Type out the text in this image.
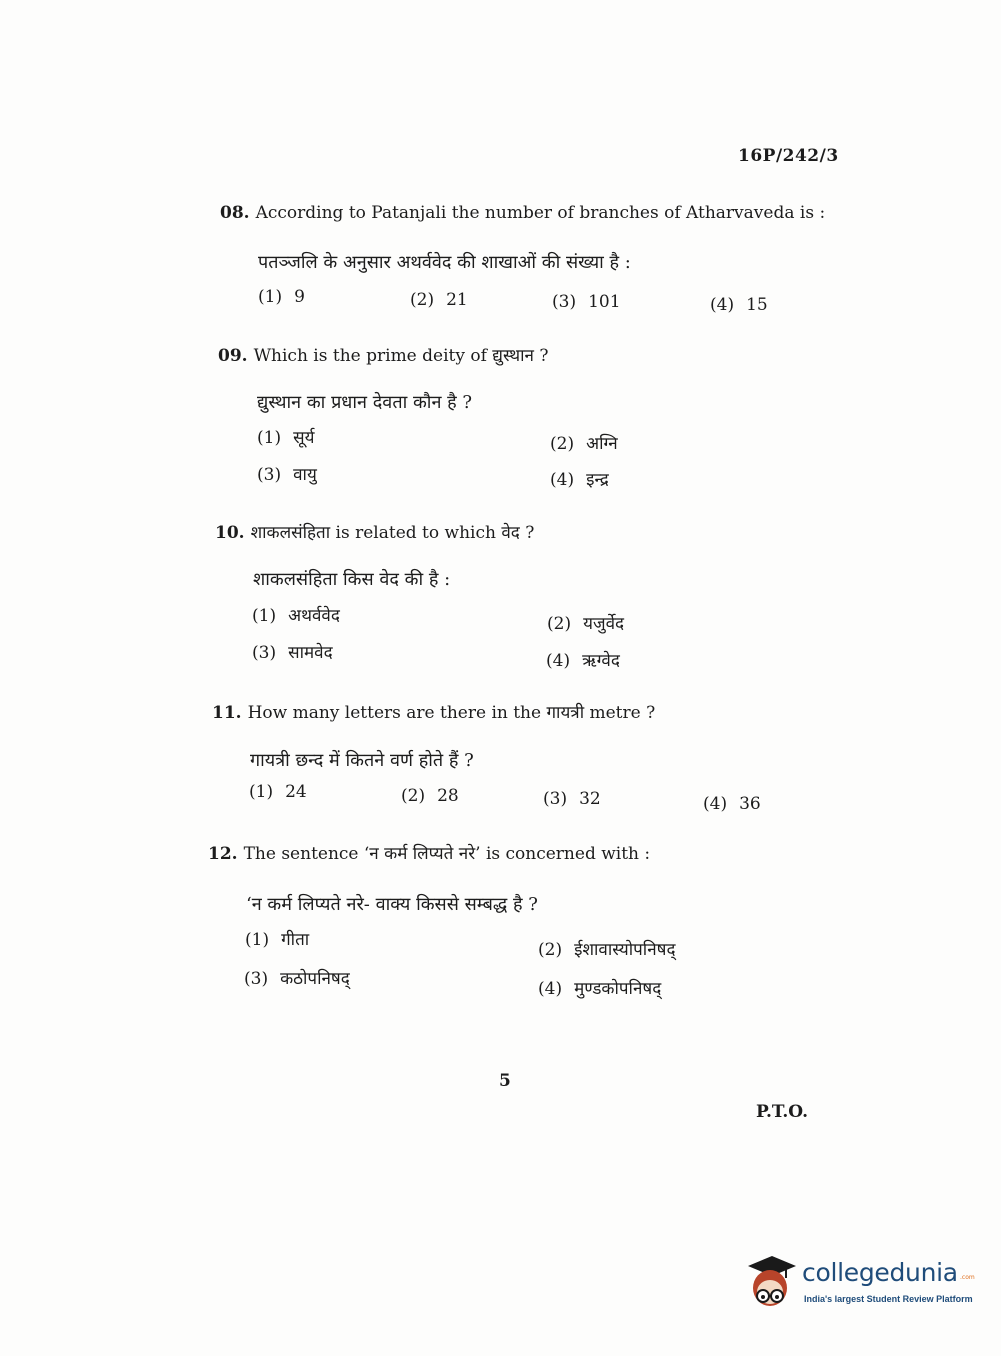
16P/242/3
08. According to Patanjali the number of branches of Atharvaveda is :
पतञ्जलि के अनुसार अथर्ववेद की शाखाओं की संख्या है :
(1) 9	(2) 21	(3) 101	(4) 15
09. Which is the prime deity of द्युस्थान ?
द्युस्थान का प्रधान देवता कौन है ?
(1) सूर्य	(2) अग्नि
(3) वायु	(4) इन्द्र
10. शाकलसंहिता is related to which वेद ?
शाकलसंहिता किस वेद की है :
(1) अथर्ववेद	(2) यजुर्वेद
(3) सामवेद	(4) ऋग्वेद
11. How many letters are there in the गायत्री metre ?
गायत्री छन्द में कितने वर्ण होते हैं ?
(1) 24	(2) 28	(3) 32	(4) 36
12. The sentence ‘न कर्म लिप्यते नरे’ is concerned with :
‘न कर्म लिप्यते नरे- वाक्य किससे सम्बद्ध है ?
(1) गीता	(2) ईशावास्योपनिषद्
(3) कठोपनिषद्	(4) मुण्डकोपनिषद्
5
P.T.O.
collegedunia .com
India's largest Student Review Platform
